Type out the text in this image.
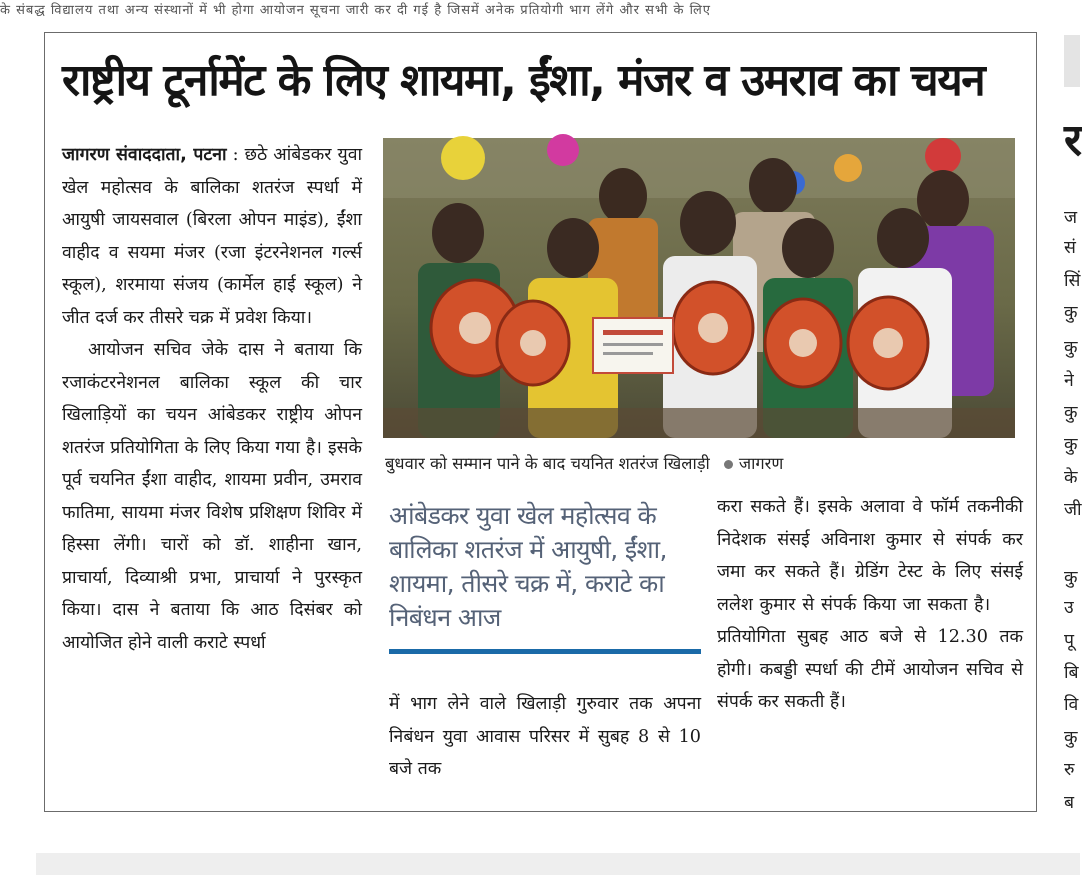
के संबद्ध विद्यालय तथा अन्य संस्थानों में भी होगा आयोजन सूचना जारी कर दी गई है जिसमें अनेक प्रतियोगी भाग लेंगे और सभी के लिए
राष्ट्रीय टूर्नामेंट के लिए शायमा, ईंशा, मंजर व उमराव का चयन

जागरण संवाददाता, पटना : छठे आंबेडकर युवा खेल महोत्सव के बालिका शतरंज स्पर्धा में आयुषी जायसवाल (बिरला ओपन माइंड), ईंशा वाहीद व सयमा मंजर (रजा इंटरनेशनल गर्ल्स स्कूल), शरमाया संजय (कार्मेल हाई स्कूल) ने जीत दर्ज कर तीसरे चक्र में प्रवेश किया।

आयोजन सचिव जेके दास ने बताया कि रजाकंटरनेशनल बालिका स्कूल की चार खिलाड़ियों का चयन आंबेडकर राष्ट्रीय ओपन शतरंज प्रतियोगिता के लिए किया गया है। इसके पूर्व चयनित ईंशा वाहीद, शायमा प्रवीन, उमराव फातिमा, सायमा मंजर विशेष प्रशिक्षण शिविर में हिस्सा लेंगी। चारों को डॉ. शाहीना खान, प्राचार्या, दिव्याश्री प्रभा, प्राचार्या ने पुरस्कृत किया। दास ने बताया कि आठ दिसंबर को आयोजित होने वाली कराटे स्पर्धा

बुधवार को सम्मान पाने के बाद चयनित शतरंज खिलाड़ी जागरण
आंबेडकर युवा खेल महोत्सव के बालिका शतरंज में आयुषी, ईंशा, शायमा, तीसरे चक्र में, कराटे का निबंधन आज

में भाग लेने वाले खिलाड़ी गुरुवार तक अपना निबंधन युवा आवास परिसर में सुबह 8 से 10 बजे तक

करा सकते हैं। इसके अलावा वे फॉर्म तकनीकी निदेशक संसई अविनाश कुमार से संपर्क कर जमा कर सकते हैं। ग्रेडिंग टेस्ट के लिए संसई ललेश कुमार से संपर्क किया जा सकता है। प्रतियोगिता सुबह आठ बजे से 12.30 तक होगी। कबड्डी स्पर्धा की टीमें आयोजन सचिव से संपर्क कर सकती हैं।

र
ज
सं
सिं
कु
कु
ने
कु
कु
के
जी
कु
उ
पू
बि
वि
कु
रु
ब
